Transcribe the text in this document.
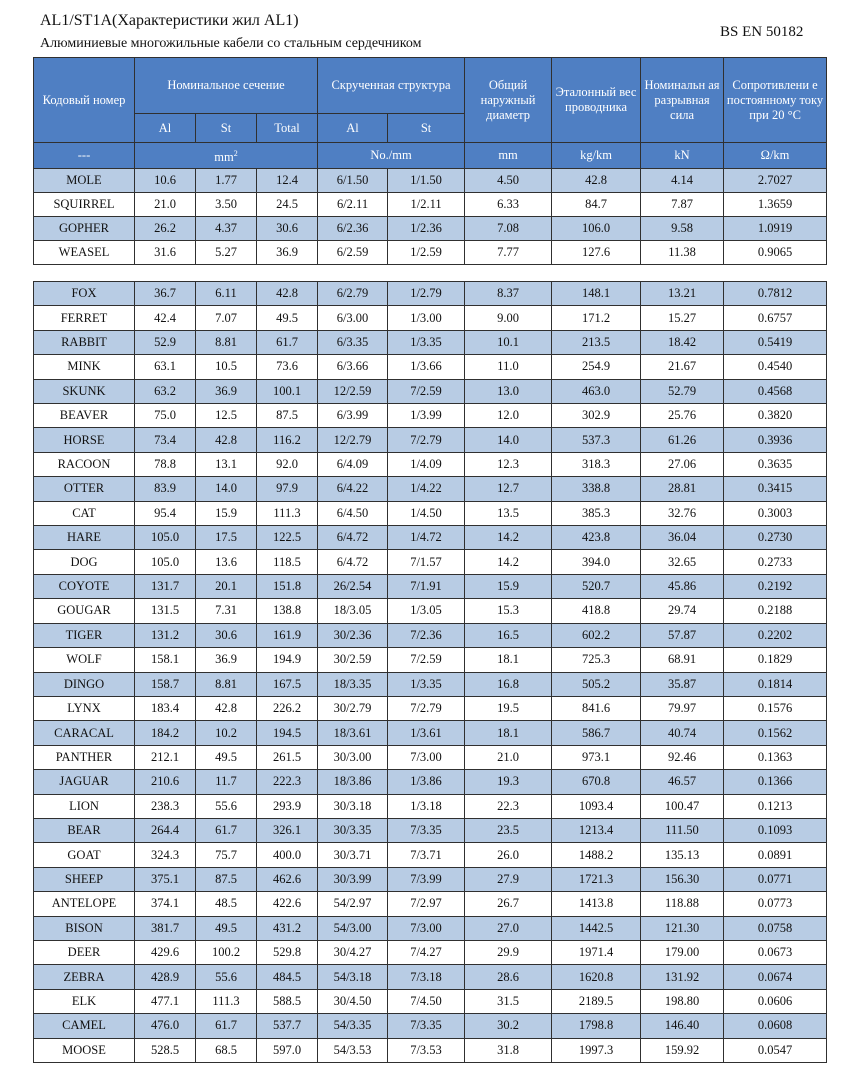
AL1/ST1A(Характеристики жил AL1)
Алюминиевые многожильные кабели со стальным сердечником
BS EN 50182
Кодовый номер	Номинальное сечение			Скрученная структура		Общий наружный диаметр	Эталонный вес проводника	Номинальн ая разрывная сила	Сопротивлени е постоянному току при 20 °C
	Al	St	Total	Al	St				
---	$mm^2$			No./mm		mm	kg/km	kN	Ω/km
MOLE	10.6	1.77	12.4	6/1.50	1/1.50	4.50	42.8	4.14	2.7027
SQUIRREL	21.0	3.50	24.5	6/2.11	1/2.11	6.33	84.7	7.87	1.3659
GOPHER	26.2	4.37	30.6	6/2.36	1/2.36	7.08	106.0	9.58	1.0919
WEASEL	31.6	5.27	36.9	6/2.59	1/2.59	7.77	127.6	11.38	0.9065
FOX	36.7	6.11	42.8	6/2.79	1/2.79	8.37	148.1	13.21	0.7812
FERRET	42.4	7.07	49.5	6/3.00	1/3.00	9.00	171.2	15.27	0.6757
RABBIT	52.9	8.81	61.7	6/3.35	1/3.35	10.1	213.5	18.42	0.5419
MINK	63.1	10.5	73.6	6/3.66	1/3.66	11.0	254.9	21.67	0.4540
SKUNK	63.2	36.9	100.1	12/2.59	7/2.59	13.0	463.0	52.79	0.4568
BEAVER	75.0	12.5	87.5	6/3.99	1/3.99	12.0	302.9	25.76	0.3820
HORSE	73.4	42.8	116.2	12/2.79	7/2.79	14.0	537.3	61.26	0.3936
RACOON	78.8	13.1	92.0	6/4.09	1/4.09	12.3	318.3	27.06	0.3635
OTTER	83.9	14.0	97.9	6/4.22	1/4.22	12.7	338.8	28.81	0.3415
CAT	95.4	15.9	111.3	6/4.50	1/4.50	13.5	385.3	32.76	0.3003
HARE	105.0	17.5	122.5	6/4.72	1/4.72	14.2	423.8	36.04	0.2730
DOG	105.0	13.6	118.5	6/4.72	7/1.57	14.2	394.0	32.65	0.2733
COYOTE	131.7	20.1	151.8	26/2.54	7/1.91	15.9	520.7	45.86	0.2192
GOUGAR	131.5	7.31	138.8	18/3.05	1/3.05	15.3	418.8	29.74	0.2188
TIGER	131.2	30.6	161.9	30/2.36	7/2.36	16.5	602.2	57.87	0.2202
WOLF	158.1	36.9	194.9	30/2.59	7/2.59	18.1	725.3	68.91	0.1829
DINGO	158.7	8.81	167.5	18/3.35	1/3.35	16.8	505.2	35.87	0.1814
LYNX	183.4	42.8	226.2	30/2.79	7/2.79	19.5	841.6	79.97	0.1576
CARACAL	184.2	10.2	194.5	18/3.61	1/3.61	18.1	586.7	40.74	0.1562
PANTHER	212.1	49.5	261.5	30/3.00	7/3.00	21.0	973.1	92.46	0.1363
JAGUAR	210.6	11.7	222.3	18/3.86	1/3.86	19.3	670.8	46.57	0.1366
LION	238.3	55.6	293.9	30/3.18	1/3.18	22.3	1093.4	100.47	0.1213
BEAR	264.4	61.7	326.1	30/3.35	7/3.35	23.5	1213.4	111.50	0.1093
GOAT	324.3	75.7	400.0	30/3.71	7/3.71	26.0	1488.2	135.13	0.0891
SHEEP	375.1	87.5	462.6	30/3.99	7/3.99	27.9	1721.3	156.30	0.0771
ANTELOPE	374.1	48.5	422.6	54/2.97	7/2.97	26.7	1413.8	118.88	0.0773
BISON	381.7	49.5	431.2	54/3.00	7/3.00	27.0	1442.5	121.30	0.0758
DEER	429.6	100.2	529.8	30/4.27	7/4.27	29.9	1971.4	179.00	0.0673
ZEBRA	428.9	55.6	484.5	54/3.18	7/3.18	28.6	1620.8	131.92	0.0674
ELK	477.1	111.3	588.5	30/4.50	7/4.50	31.5	2189.5	198.80	0.0606
CAMEL	476.0	61.7	537.7	54/3.35	7/3.35	30.2	1798.8	146.40	0.0608
MOOSE	528.5	68.5	597.0	54/3.53	7/3.53	31.8	1997.3	159.92	0.0547
